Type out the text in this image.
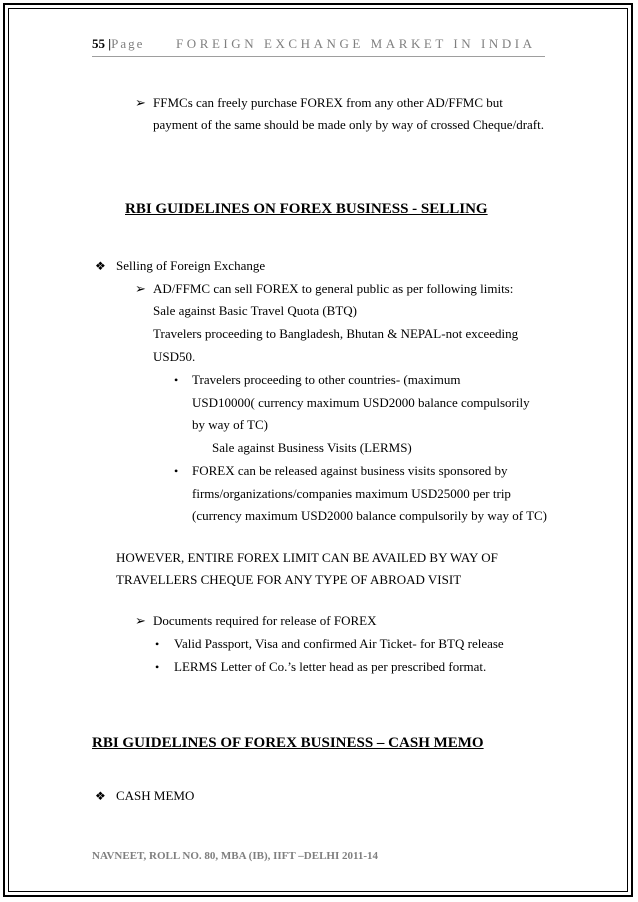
55 |Page FOREIGN EXCHANGE MARKET IN INDIA
➢ FFMCs can freely purchase FOREX from any other AD/FFMC but
payment of the same should be made only by way of crossed Cheque/draft.
RBI GUIDELINES ON FOREX BUSINESS - SELLING
❖ Selling of Foreign Exchange
➢ AD/FFMC can sell FOREX to general public as per following limits:
Sale against Basic Travel Quota (BTQ)
Travelers proceeding to Bangladesh, Bhutan & NEPAL-not exceeding
USD50.
• Travelers proceeding to other countries- (maximum
USD10000( currency maximum USD2000 balance compulsorily
by way of TC)
Sale against Business Visits (LERMS)
• FOREX can be released against business visits sponsored by
firms/organizations/companies maximum USD25000 per trip
(currency maximum USD2000 balance compulsorily by way of TC)
HOWEVER, ENTIRE FOREX LIMIT CAN BE AVAILED BY WAY OF
TRAVELLERS CHEQUE FOR ANY TYPE OF ABROAD VISIT
➢ Documents required for release of FOREX
• Valid Passport, Visa and confirmed Air Ticket- for BTQ release
• LERMS Letter of Co.’s letter head as per prescribed format.
RBI GUIDELINES OF FOREX BUSINESS – CASH MEMO
❖ CASH MEMO
NAVNEET, ROLL NO. 80, MBA (IB), IIFT –DELHI 2011-14
